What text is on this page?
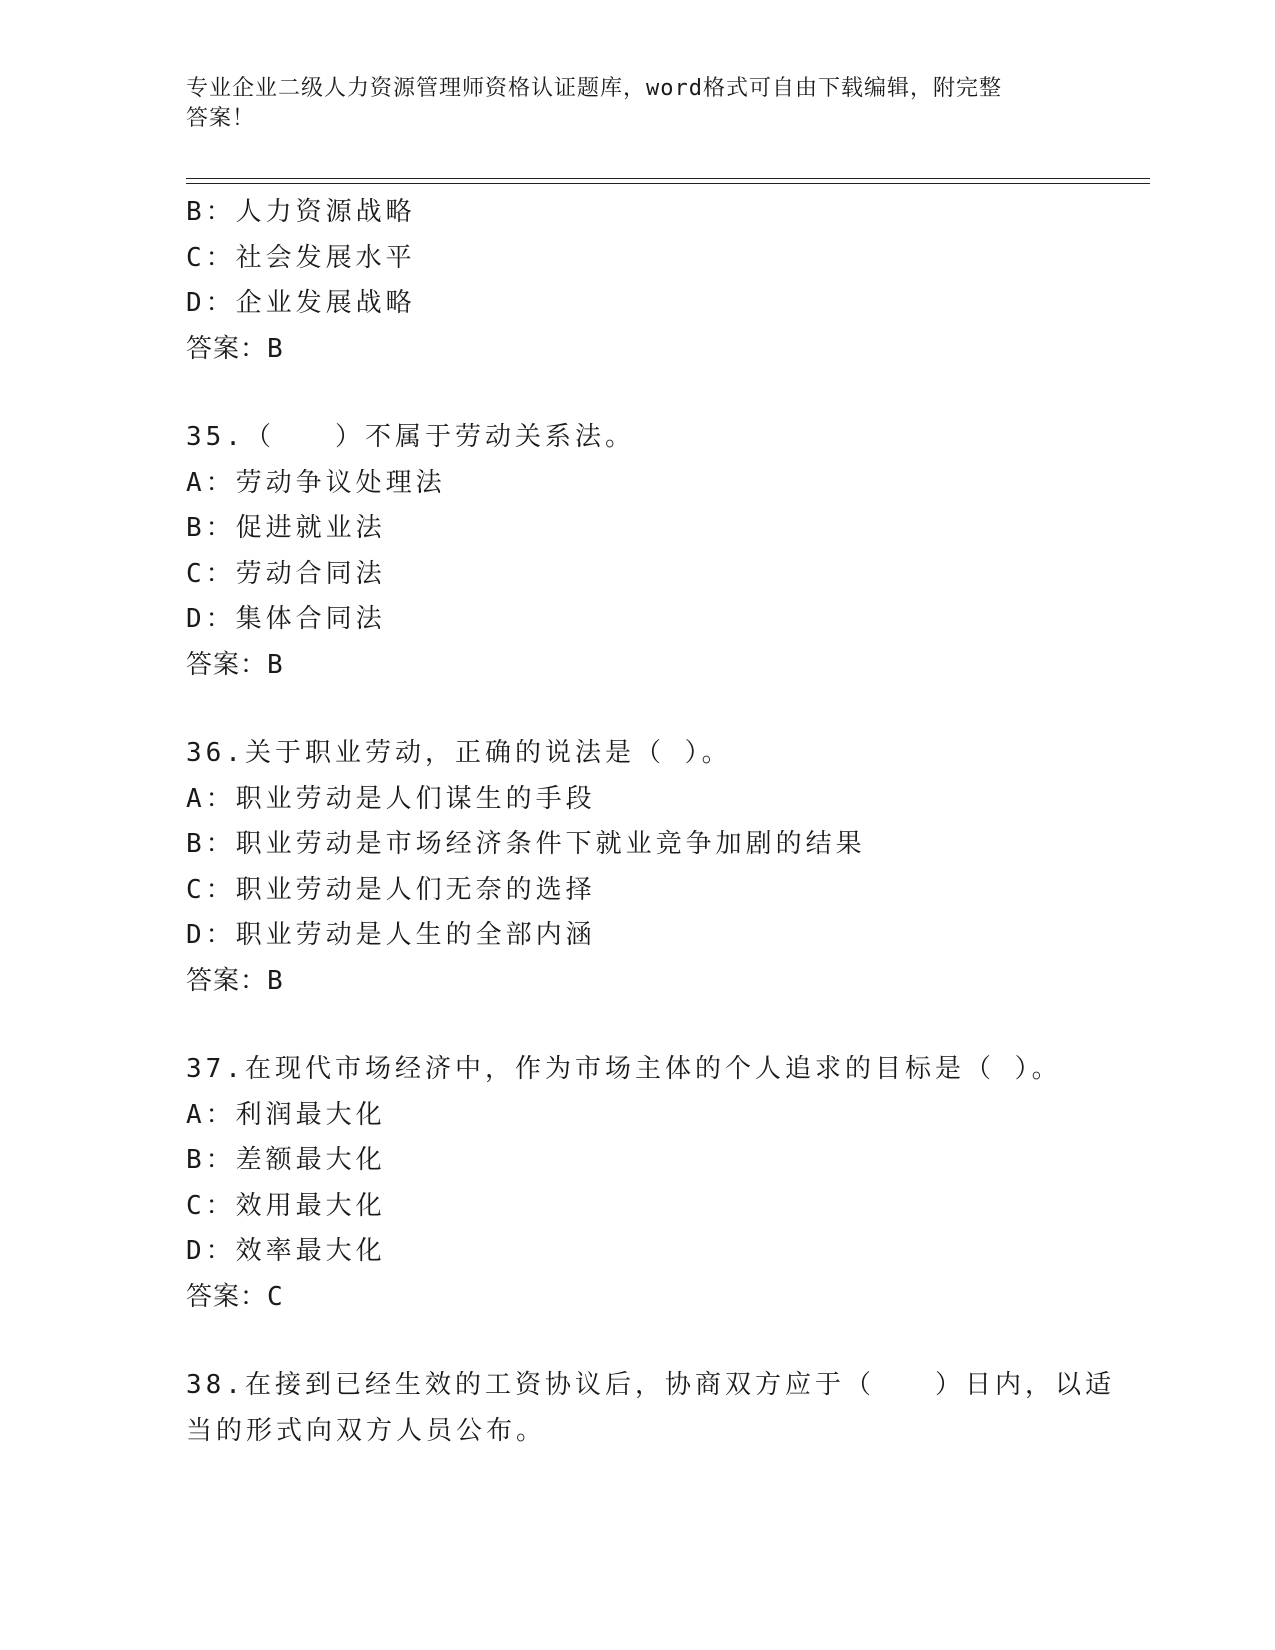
专业企业二级人力资源管理师资格认证题库，word格式可自由下载编辑，附完整
答案！
B：人力资源战略
C：社会发展水平
D：企业发展战略
答案：B
35.（　　）不属于劳动关系法。
A：劳动争议处理法
B：促进就业法
C：劳动合同法
D：集体合同法
答案：B
36.关于职业劳动，正确的说法是（ ）。
A：职业劳动是人们谋生的手段
B：职业劳动是市场经济条件下就业竞争加剧的结果
C：职业劳动是人们无奈的选择
D：职业劳动是人生的全部内涵
答案：B
37.在现代市场经济中，作为市场主体的个人追求的目标是（ ）。
A：利润最大化
B：差额最大化
C：效用最大化
D：效率最大化
答案：C
38.在接到已经生效的工资协议后，协商双方应于（　　）日内，以适
当的形式向双方人员公布。
